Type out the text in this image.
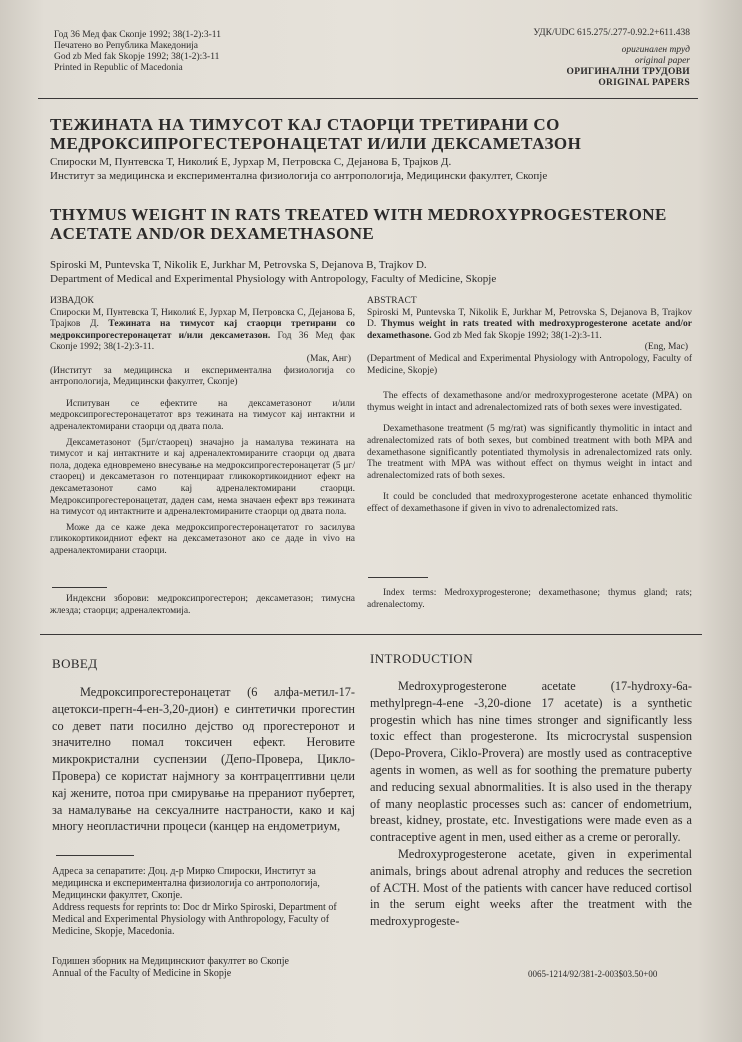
Год 36 Мед фак Скопје 1992; 38(1-2):3-11
Печатено во Република Македонија
God zb Med fak Skopje 1992; 38(1-2):3-11
Printed in Republic of Macedonia
УДК/UDC 615.275/.277-0.92.2+611.438
оригинален труд
original paper
ОРИГИНАЛНИ ТРУДОВИ
ORIGINAL PAPERS
ТЕЖИНАТА НА ТИМУСОТ КАЈ СТАОРЦИ ТРЕТИРАНИ СО МЕДРОКСИПРОГЕСТЕРОНАЦЕТАТ И/ИЛИ ДЕКСАМЕТАЗОН
Спироски М, Пунтевска Т, Николиќ Е, Јурхар М, Петровска С, Дејанова Б, Трајков Д.
Институт за медицинска и експериментална физиологија со антропологија, Медицински факултет, Скопје
THYMUS WEIGHT IN RATS TREATED WITH MEDROXYPROGESTERONE ACETATE AND/OR DEXAMETHASONE
Spiroski M, Puntevska T, Nikolik E, Jurkhar M, Petrovska S, Dejanova B, Trajkov D.
Department of Medical and Experimental Physiology with Antropology, Faculty of Medicine, Skopje
ИЗВАДОК
Спироски М, Пунтевска Т, Николиќ Е, Јурхар М, Петровска С, Дејанова Б, Трајков Д. Тежината на тимусот кај стаорци третирани со медроксипрогестеронацетат и/или дексаметазон. Год 36 Мед фак Скопје 1992; 38(1-2):3-11.
(Мак, Анг)
(Институт за медицинска и експериментална физиологија со антропологија, Медицински факултет, Скопје)

Испитуван се ефектите на дексаметазонот и/или медроксипрогестеронацетатот врз тежината на тимусот кај интактни и адреналектомирани стаорци од двата пола.

Дексаметазонот (5μг/стаорец) значајно ја намалува тежината на тимусот и кај интактните и кај адреналектомираните стаорци од двата пола, додека едновремено внесување на медроксипрогестеронацетат (5 μг/стаорец) и дексаметазон го потенцираат гликокортикоидниот ефект на дексаметазонот само кај адреналектомирани стаорци. Медроксипрогестеронацетат, даден сам, нема значаен ефект врз тежината на тимусот од интактните и адреналектомираните стаорци од двата пола.

Може да се каже дека медроксипрогестеронацетатот го засилува гликокортикоидниот ефект на дексаметазонот ако се даде in vivo на адреналектомирани стаорци.

ABSTRACT
Spiroski M, Puntevska T, Nikolik E, Jurkhar M, Petrovska S, Dejanova B, Trajkov D. Thymus weight in rats treated with medroxyprogesterone acetate and/or dexamethasone. God zb Med fak Skopje 1992; 38(1-2):3-11.
(Eng, Mac)
(Department of Medical and Experimental Physiology with Antropology, Faculty of Medicine, Skopje)

The effects of dexamethasone and/or medroxyprogesterone acetate (MPA) on thymus weight in intact and adrenalectomized rats of both sexes were investigated.

Dexamethasone treatment (5 mg/rat) was significantly thymolitic in intact and adrenalectomized rats of both sexes, but combined treatment with both MPA and dexamethasone significantly potentiated thymolysis in adrenalectomized rats only. The treatment with MPA was without effect on thymus weight in intact and adrenalectomized rats of both sexes.

It could be concluded that medroxyprogesterone acetate enhanced thymolitic effect of dexamethasone if given in vivo to adrenalectomized rats.

Индексни зборови: медроксипрогестерон; дексаметазон; тимусна жлезда; стаорци; адреналектомија.

Index terms: Medroxyprogesterone; dexamethasone; thymus gland; rats; adrenalectomy.

ВОВЕД

Медроксипрогестеронацетат (6 алфа-метил-17-ацетокси-прегн-4-ен-3,20-дион) е синтетички прогестин со девет пати посилно дејство од прогестеронот и значително помал токсичен ефект. Неговите микрокристални суспензии (Депо-Провера, Цикло-Провера) се користат најмногу за контрацептивни цели кај жените, потоа при смирување на прераниот пубертет, за намалување на сексуалните настраности, како и кај многу неопластични процеси (канцер на ендометриум,

INTRODUCTION

Medroxyprogesterone acetate (17-hydroxy-6a-methylpregn-4-ene -3,20-dione 17 acetate) is a synthetic progestin which has nine times stronger and significantly less toxic effect than progesterone. Its microcrystal suspension (Depo-Provera, Ciklo-Provera) are mostly used as contraceptive agents in women, as well as for soothing the premature puberty and reducing sexual abnormalities. It is also used in the therapy of many neoplastic processes such as: cancer of endometrium, breast, kidney, prostate, etc. Investigations were made even as a contraceptive agent in men, used either as a creme or perorally.

Medroxyprogesterone acetate, given in experimental animals, brings about adrenal atrophy and reduces the secretion of ACTH. Most of the patients with cancer have reduced cortisol in the serum eight weeks after the treatment with the medroxyprogeste-

Адреса за сепаратите: Доц. д-р Мирко Спироски, Институт за медицинска и експериментална физиологија со антропологија, Медицински факултет, Скопје.
Address requests for reprints to: Doc dr Mirko Spiroski, Department of Medical and Experimental Physiology with Anthropology, Faculty of Medicine, Skopje, Macedonia.
Годишен зборник на Медицинскиот факултет во Скопје
Annual of the Faculty of Medicine in Skopje	0065-1214/92/381-2-003$03.50+00
